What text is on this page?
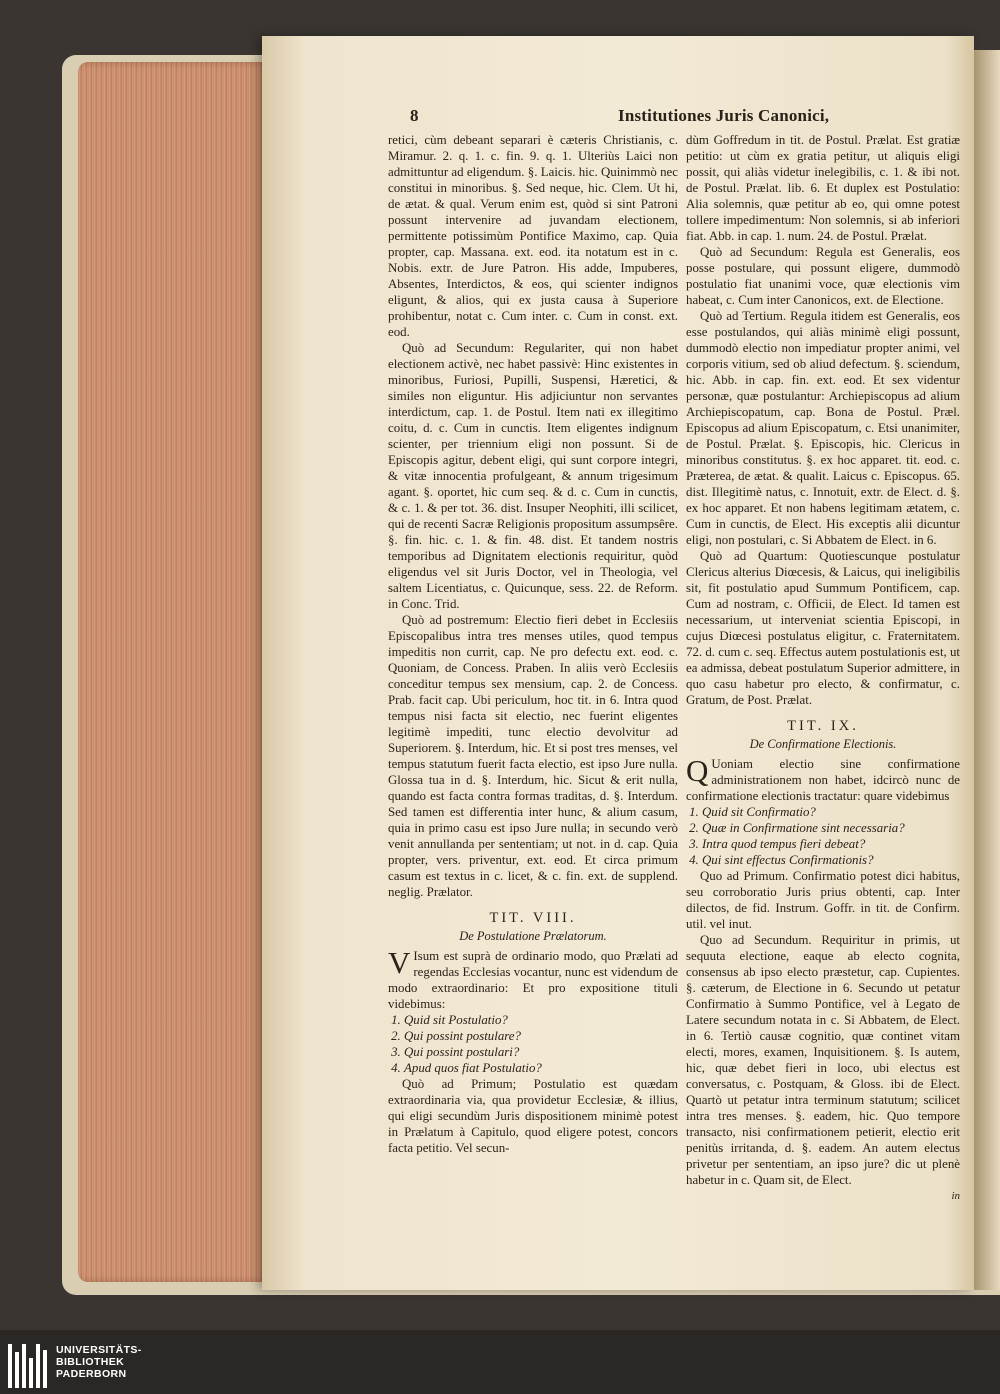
8	Institutiones Juris Canonici,

retici, cùm debeant separari è cæteris Christianis, c. Miramur. 2. q. 1. c. fin. 9. q. 1. Ulteriùs Laici non admittuntur ad eligendum. §. Laicis. hic. Quinimmò nec constitui in minoribus. §. Sed neque, hic. Clem. Ut hi, de ætat. & qual. Verum enim est, quòd si sint Patroni possunt intervenire ad juvandam electionem, permittente potissimùm Pontifice Maximo, cap. Quia propter, cap. Massana. ext. eod. ita notatum est in c. Nobis. extr. de Jure Patron. His adde, Impuberes, Absentes, Interdictos, & eos, qui scienter indignos eligunt, & alios, qui ex justa causa à Superiore prohibentur, notat c. Cum inter. c. Cum in const. ext. eod.

Quò ad Secundum: Regulariter, qui non habet electionem activè, nec habet passivè: Hinc existentes in minoribus, Furiosi, Pupilli, Suspensi, Hæretici, & similes non eliguntur. His adjiciuntur non servantes interdictum, cap. 1. de Postul. Item nati ex illegitimo coitu, d. c. Cum in cunctis. Item eligentes indignum scienter, per triennium eligi non possunt. Si de Episcopis agitur, debent eligi, qui sunt corpore integri, & vitæ innocentia profulgeant, & annum trigesimum agant. §. oportet, hic cum seq. & d. c. Cum in cunctis, & c. 1. & per tot. 36. dist. Insuper Neophiti, illi scilicet, qui de recenti Sacræ Religionis propositum assumpsêre. §. fin. hic. c. 1. & fin. 48. dist. Et tandem nostris temporibus ad Dignitatem electionis requiritur, quòd eligendus vel sit Juris Doctor, vel in Theologia, vel saltem Licentiatus, c. Quicunque, sess. 22. de Reform. in Conc. Trid.

Quò ad postremum: Electio fieri debet in Ecclesiis Episcopalibus intra tres menses utiles, quod tempus impeditis non currit, cap. Ne pro defectu ext. eod. c. Quoniam, de Concess. Praben. In aliis verò Ecclesiis conceditur tempus sex mensium, cap. 2. de Concess. Prab. facit cap. Ubi periculum, hoc tit. in 6. Intra quod tempus nisi facta sit electio, nec fuerint eligentes legitimè impediti, tunc electio devolvitur ad Superiorem. §. Interdum, hic. Et si post tres menses, vel tempus statutum fuerit facta electio, est ipso Jure nulla. Glossa tua in d. §. Interdum, hic. Sicut & erit nulla, quando est facta contra formas traditas, d. §. Interdum. Sed tamen est differentia inter hunc, & alium casum, quia in primo casu est ipso Jure nulla; in secundo verò venit annullanda per sententiam; ut not. in d. cap. Quia propter, vers. priventur, ext. eod. Et circa primum casum est textus in c. licet, & c. fin. ext. de supplend. neglig. Prælator.

TIT. VIII.
De Postulatione Prælatorum.

V Isum est suprà de ordinario modo, quo Prælati ad regendas Ecclesias vocantur, nunc est videndum de modo extraordinario: Et pro expositione tituli videbimus:

1. Quid sit Postulatio?
2. Qui possint postulare?
3. Qui possint postulari?
4. Apud quos fiat Postulatio?

Quò ad Primum; Postulatio est quædam extraordinaria via, qua providetur Ecclesiæ, & illius, qui eligi secundùm Juris dispositionem minimè potest in Prælatum à Capitulo, quod eligere potest, concors facta petitio. Vel secun-

dùm Goffredum in tit. de Postul. Prælat. Est gratiæ petitio: ut cùm ex gratia petitur, ut aliquis eligi possit, qui aliàs videtur inelegibilis, c. 1. & ibi not. de Postul. Prælat. lib. 6. Et duplex est Postulatio: Alia solemnis, quæ petitur ab eo, qui omne potest tollere impedimentum: Non solemnis, si ab inferiori fiat. Abb. in cap. 1. num. 24. de Postul. Prælat.

Quò ad Secundum: Regula est Generalis, eos posse postulare, qui possunt eligere, dummodò postulatio fiat unanimi voce, quæ electionis vim habeat, c. Cum inter Canonicos, ext. de Electione.

Quò ad Tertium. Regula itidem est Generalis, eos esse postulandos, qui aliàs minimè eligi possunt, dummodò electio non impediatur propter animi, vel corporis vitium, sed ob aliud defectum. §. sciendum, hic. Abb. in cap. fin. ext. eod. Et sex videntur personæ, quæ postulantur: Archiepiscopus ad alium Archiepiscopatum, cap. Bona de Postul. Præl. Episcopus ad alium Episcopatum, c. Etsi unanimiter, de Postul. Prælat. §. Episcopis, hic. Clericus in minoribus constitutus. §. ex hoc apparet. tit. eod. c. Præterea, de ætat. & qualit. Laicus c. Episcopus. 65. dist. Illegitimè natus, c. Innotuit, extr. de Elect. d. §. ex hoc apparet. Et non habens legitimam ætatem, c. Cum in cunctis, de Elect. His exceptis alii dicuntur eligi, non postulari, c. Si Abbatem de Elect. in 6.

Quò ad Quartum: Quotiescunque postulatur Clericus alterius Diœcesis, & Laicus, qui ineligibilis sit, fit postulatio apud Summum Pontificem, cap. Cum ad nostram, c. Officii, de Elect. Id tamen est necessarium, ut interveniat scientia Episcopi, in cujus Diœcesi postulatus eligitur, c. Fraternitatem. 72. d. cum c. seq. Effectus autem postulationis est, ut ea admissa, debeat postulatum Superior admittere, in quo casu habetur pro electo, & confirmatur, c. Gratum, de Post. Prælat.

TIT. IX.
De Confirmatione Electionis.

Q Uoniam electio sine confirmatione administrationem non habet, idcircò nunc de confirmatione electionis tractatur: quare videbimus

1. Quid sit Confirmatio?
2. Quæ in Confirmatione sint necessaria?
3. Intra quod tempus fieri debeat?
4. Qui sint effectus Confirmationis?

Quo ad Primum. Confirmatio potest dici habitus, seu corroboratio Juris prius obtenti, cap. Inter dilectos, de fid. Instrum. Goffr. in tit. de Confirm. util. vel inut.

Quo ad Secundum. Requiritur in primis, ut sequuta electione, eaque ab electo cognita, consensus ab ipso electo præstetur, cap. Cupientes. §. cæterum, de Electione in 6. Secundo ut petatur Confirmatio à Summo Pontifice, vel à Legato de Latere secundum notata in c. Si Abbatem, de Elect. in 6. Tertiò causæ cognitio, quæ continet vitam electi, mores, examen, Inquisitionem. §. Is autem, hic, quæ debet fieri in loco, ubi electus est conversatus, c. Postquam, & Gloss. ibi de Elect. Quartò ut petatur intra terminum statutum; scilicet intra tres menses. §. eadem, hic. Quo tempore transacto, nisi confirmationem petierit, electio erit penitùs irritanda, d. §. eadem. An autem electus privetur per sententiam, an ipso jure? dic ut plenè habetur in c. Quam sit, de Elect.

in
UNIVERSITÄTS-
BIBLIOTHEK
PADERBORN
